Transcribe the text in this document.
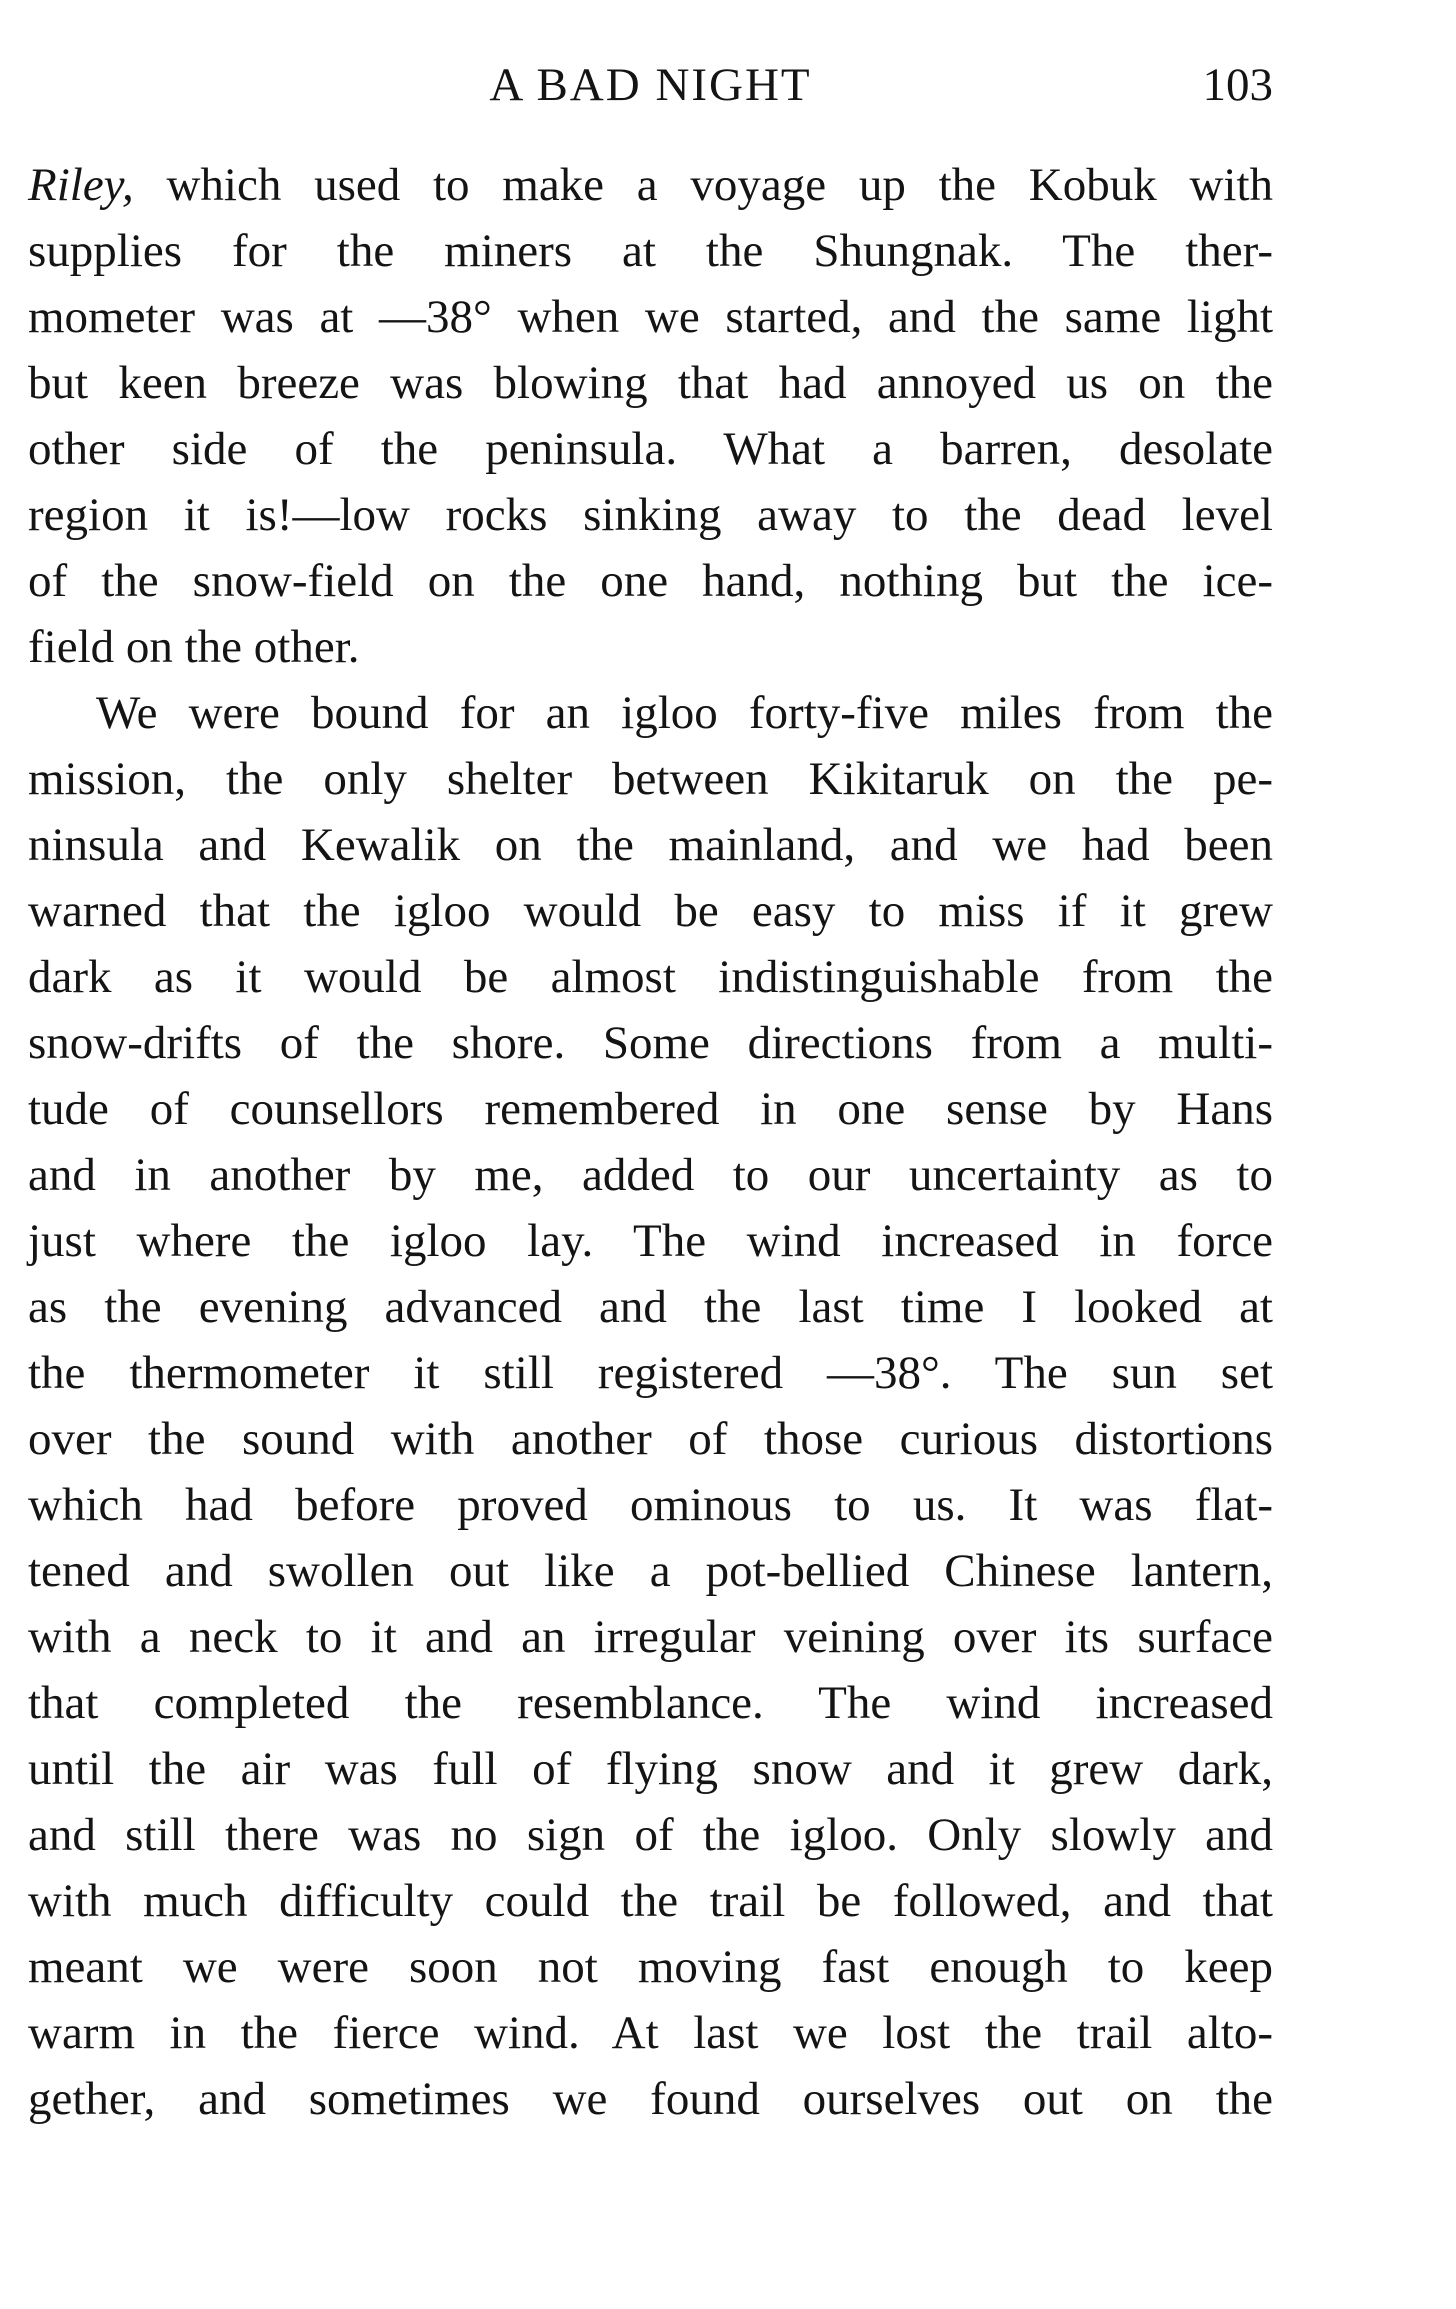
A BAD NIGHT	103
Riley, which used to make a voyage up the Kobuk with
supplies for the miners at the Shungnak. The ther-
mometer was at —38° when we started, and the same light
but keen breeze was blowing that had annoyed us on the
other side of the peninsula. What a barren, desolate
region it is!—low rocks sinking away to the dead level
of the snow-field on the one hand, nothing but the ice-
field on the other.
We were bound for an igloo forty-five miles from the
mission, the only shelter between Kikitaruk on the pe-
ninsula and Kewalik on the mainland, and we had been
warned that the igloo would be easy to miss if it grew
dark as it would be almost indistinguishable from the
snow-drifts of the shore. Some directions from a multi-
tude of counsellors remembered in one sense by Hans
and in another by me, added to our uncertainty as to
just where the igloo lay. The wind increased in force
as the evening advanced and the last time I looked at
the thermometer it still registered —38°. The sun set
over the sound with another of those curious distortions
which had before proved ominous to us. It was flat-
tened and swollen out like a pot-bellied Chinese lantern,
with a neck to it and an irregular veining over its surface
that completed the resemblance. The wind increased
until the air was full of flying snow and it grew dark,
and still there was no sign of the igloo. Only slowly and
with much difficulty could the trail be followed, and that
meant we were soon not moving fast enough to keep
warm in the fierce wind. At last we lost the trail alto-
gether, and sometimes we found ourselves out on the
